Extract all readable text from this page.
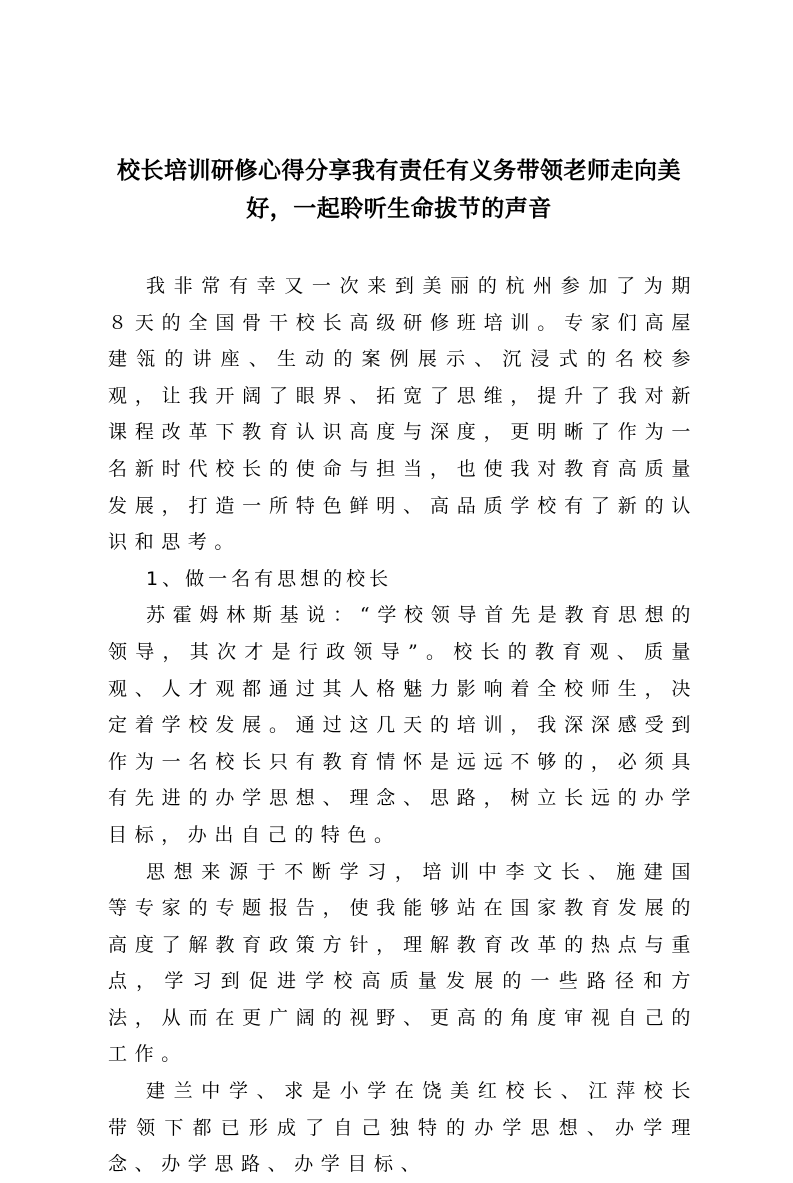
校长培训研修心得分享我有责任有义务带领老师走向美好，一起聆听生命拔节的声音

我非常有幸又一次来到美丽的杭州参加了为期８天的全国骨干校长高级研修班培训。专家们高屋建瓴的讲座、生动的案例展示、沉浸式的名校参观，让我开阔了眼界、拓宽了思维，提升了我对新课程改革下教育认识高度与深度，更明晰了作为一名新时代校长的使命与担当，也使我对教育高质量发展，打造一所特色鲜明、高品质学校有了新的认识和思考。

1、做一名有思想的校长

苏霍姆林斯基说：“学校领导首先是教育思想的领导，其次才是行政领导”。校长的教育观、质量观、人才观都通过其人格魅力影响着全校师生，决定着学校发展。通过这几天的培训，我深深感受到作为一名校长只有教育情怀是远远不够的，必须具有先进的办学思想、理念、思路，树立长远的办学目标，办出自己的特色。

思想来源于不断学习，培训中李文长、施建国等专家的专题报告，使我能够站在国家教育发展的高度了解教育政策方针，理解教育改革的热点与重点，学习到促进学校高质量发展的一些路径和方法，从而在更广阔的视野、更高的角度审视自己的工作。

建兰中学、求是小学在饶美红校长、江萍校长带领下都已形成了自己独特的办学思想、办学理念、办学思路、办学目标、
